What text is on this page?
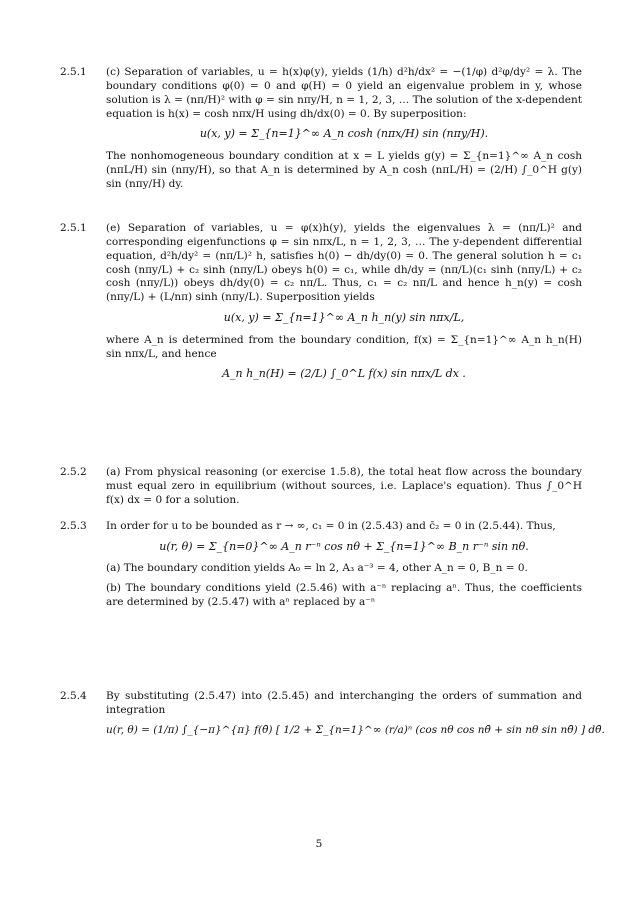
2.5.1	(c) Separation of variables, u = h(x)φ(y), yields (1/h) d²h/dx² = −(1/φ) d²φ/dy² = λ. The boundary conditions φ(0) = 0 and φ(H) = 0 yield an eigenvalue problem in y, whose solution is λ = (nπ/H)² with φ = sin nπy/H, n = 1, 2, 3, … The solution of the x-dependent equation is h(x) = cosh nπx/H using dh/dx(0) = 0. By superposition:

u(x, y) = Σ_{n=1}^∞ A_n cosh (nπx/H) sin (nπy/H).

The nonhomogeneous boundary condition at x = L yields g(y) = Σ_{n=1}^∞ A_n cosh (nπL/H) sin (nπy/H), so that A_n is determined by A_n cosh (nπL/H) = (2/H) ∫_0^H g(y) sin (nπy/H) dy.

2.5.1	(e) Separation of variables, u = φ(x)h(y), yields the eigenvalues λ = (nπ/L)² and corresponding eigenfunctions φ = sin nπx/L, n = 1, 2, 3, … The y-dependent differential equation, d²h/dy² = (nπ/L)² h, satisfies h(0) − dh/dy(0) = 0. The general solution h = c₁ cosh (nπy/L) + c₂ sinh (nπy/L) obeys h(0) = c₁, while dh/dy = (nπ/L)(c₁ sinh (nπy/L) + c₂ cosh (nπy/L)) obeys dh/dy(0) = c₂ nπ/L. Thus, c₁ = c₂ nπ/L and hence h_n(y) = cosh (nπy/L) + (L/nπ) sinh (nπy/L). Superposition yields

u(x, y) = Σ_{n=1}^∞ A_n h_n(y) sin nπx/L,

where A_n is determined from the boundary condition, f(x) = Σ_{n=1}^∞ A_n h_n(H) sin nπx/L, and hence

A_n h_n(H) = (2/L) ∫_0^L f(x) sin nπx/L dx .
2.5.2	(a) From physical reasoning (or exercise 1.5.8), the total heat flow across the boundary must equal zero in equilibrium (without sources, i.e. Laplace's equation). Thus ∫_0^H f(x) dx = 0 for a solution.

2.5.3	In order for u to be bounded as r → ∞, c₁ = 0 in (2.5.43) and c̄₂ = 0 in (2.5.44). Thus,

u(r, θ) = Σ_{n=0}^∞ A_n r⁻ⁿ cos nθ + Σ_{n=1}^∞ B_n r⁻ⁿ sin nθ.

(a) The boundary condition yields A₀ = ln 2, A₃ a⁻³ = 4, other A_n = 0, B_n = 0.

(b) The boundary conditions yield (2.5.46) with a⁻ⁿ replacing aⁿ. Thus, the coefficients are determined by (2.5.47) with aⁿ replaced by a⁻ⁿ

2.5.4	By substituting (2.5.47) into (2.5.45) and interchanging the orders of summation and integration

u(r, θ) = (1/π) ∫_{−π}^{π} f(θ̄) [ 1/2 + Σ_{n=1}^∞ (r/a)ⁿ (cos nθ cos nθ̄ + sin nθ sin nθ̄) ] dθ̄.
5
